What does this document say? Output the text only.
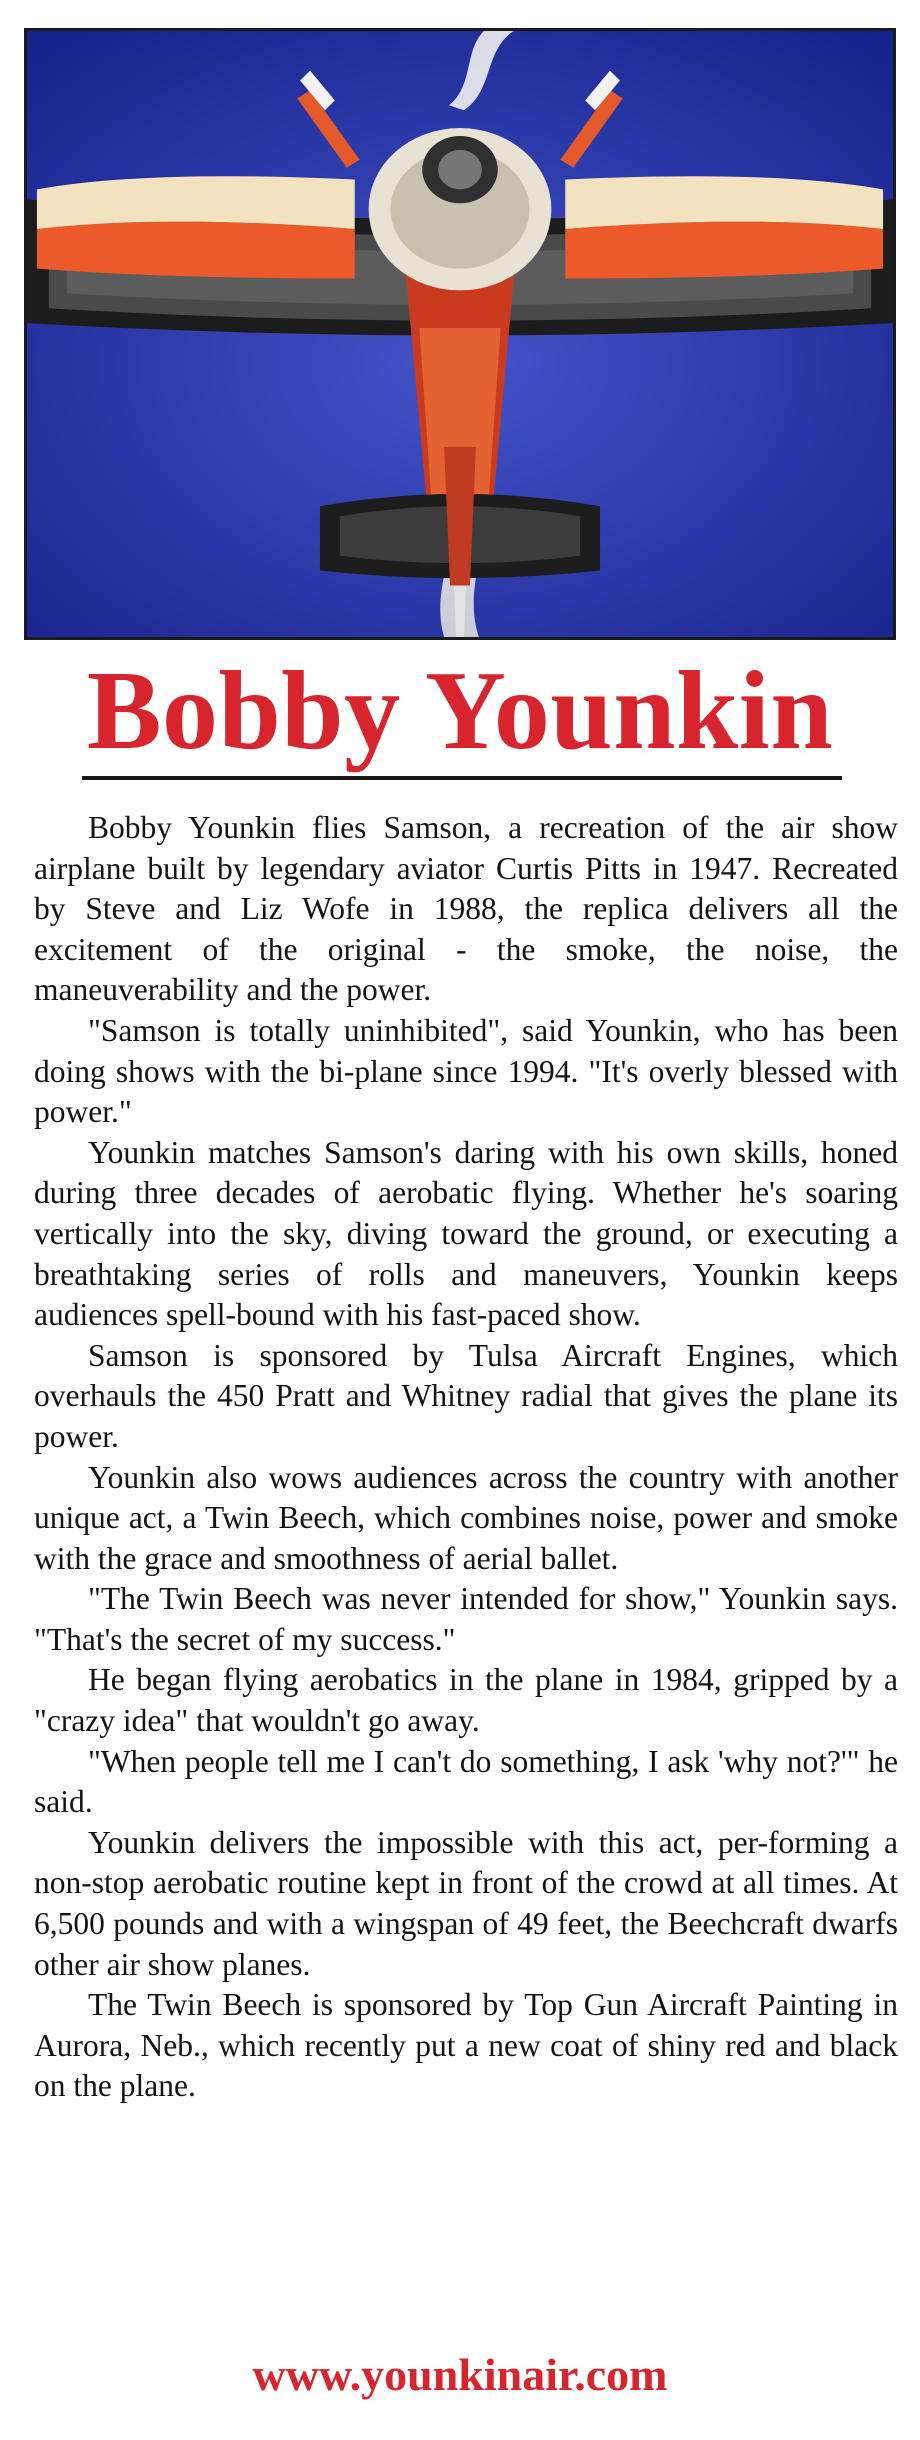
Bobby Younkin

Bobby Younkin flies Samson, a recreation of the air show airplane built by legendary aviator Curtis Pitts in 1947. Recreated by Steve and Liz Wofe in 1988, the replica delivers all the excitement of the original - the smoke, the noise, the maneuverability and the power.

"Samson is totally uninhibited", said Younkin, who has been doing shows with the bi-plane since 1994. "It's overly blessed with power."

Younkin matches Samson's daring with his own skills, honed during three decades of aerobatic flying. Whether he's soaring vertically into the sky, diving toward the ground, or executing a breathtaking series of rolls and maneuvers, Younkin keeps audiences spell-bound with his fast-paced show.

Samson is sponsored by Tulsa Aircraft Engines, which overhauls the 450 Pratt and Whitney radial that gives the plane its power.

Younkin also wows audiences across the country with another unique act, a Twin Beech, which combines noise, power and smoke with the grace and smoothness of aerial ballet.

"The Twin Beech was never intended for show," Younkin says. "That's the secret of my success."

He began flying aerobatics in the plane in 1984, gripped by a "crazy idea" that wouldn't go away.

"When people tell me I can't do something, I ask 'why not?'" he said.

Younkin delivers the impossible with this act, per-forming a non-stop aerobatic routine kept in front of the crowd at all times. At 6,500 pounds and with a wingspan of 49 feet, the Beechcraft dwarfs other air show planes.

The Twin Beech is sponsored by Top Gun Aircraft Painting in Aurora, Neb., which recently put a new coat of shiny red and black on the plane.

www.younkinair.com
